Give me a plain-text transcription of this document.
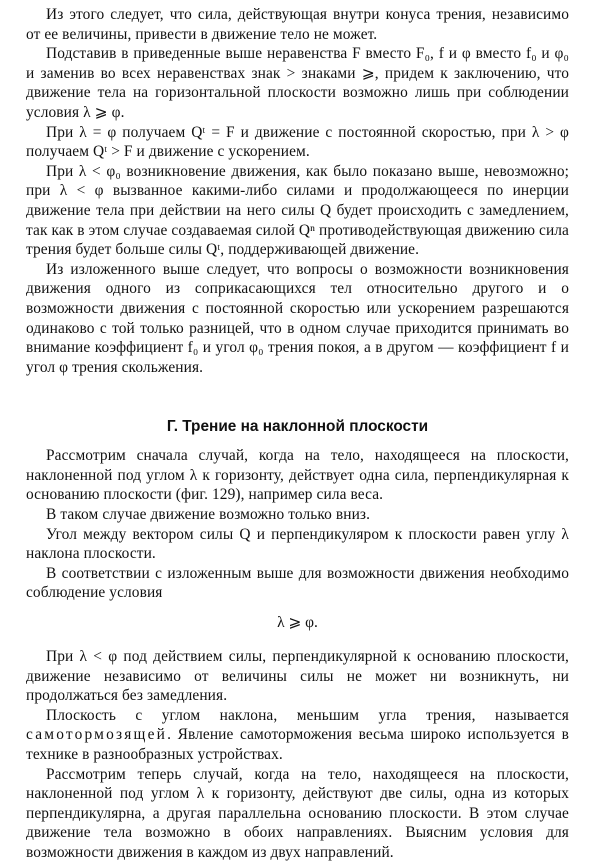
Из этого следует, что сила, действующая внутри конуса трения, независимо от ее величины, привести в движение тело не может.

Подставив в приведенные выше неравенства F вместо F₀, f и φ вместо f₀ и φ₀ и заменив во всех неравенствах знак > знаками ⩾, придем к заключению, что движение тела на горизонтальной плоскости возможно лишь при соблюдении условия λ ⩾ φ.

При λ = φ получаем Qᵗ = F и движение с постоянной скоростью, при λ > φ получаем Qᵗ > F и движение с ускорением.

При λ < φ₀ возникновение движения, как было показано выше, невозможно; при λ < φ вызванное какими-либо силами и продолжающееся по инерции движение тела при действии на него силы Q будет происходить с замедлением, так как в этом случае создаваемая силой Qⁿ противодействующая движению сила трения будет больше силы Qᵗ, поддерживающей движение.

Из изложенного выше следует, что вопросы о возможности возникновения движения одного из соприкасающихся тел относительно другого и о возможности движения с постоянной скоростью или ускорением разрешаются одинаково с той только разницей, что в одном случае приходится принимать во внимание коэффициент f₀ и угол φ₀ трения покоя, а в другом — коэффициент f и угол φ трения скольжения.

Г. Трение на наклонной плоскости

Рассмотрим сначала случай, когда на тело, находящееся на плоскости, наклоненной под углом λ к горизонту, действует одна сила, перпендикулярная к основанию плоскости (фиг. 129), например сила веса.

В таком случае движение возможно только вниз.

Угол между вектором силы Q и перпендикуляром к плоскости равен углу λ наклона плоскости.

В соответствии с изложенным выше для возможности движения необходимо соблюдение условия

λ ⩾ φ.

При λ < φ под действием силы, перпендикулярной к основанию плоскости, движение независимо от величины силы не может ни возникнуть, ни продолжаться без замедления.

Плоскость с углом наклона, меньшим угла трения, называется самотормозящей. Явление самоторможения весьма широко используется в технике в разнообразных устройствах.

Рассмотрим теперь случай, когда на тело, находящееся на плоскости, наклоненной под углом λ к горизонту, действуют две силы, одна из которых перпендикулярна, а другая параллельна основанию плоскости. В этом случае движение тела возможно в обоих направлениях. Выясним условия для возможности движения в каждом из двух направлений.
